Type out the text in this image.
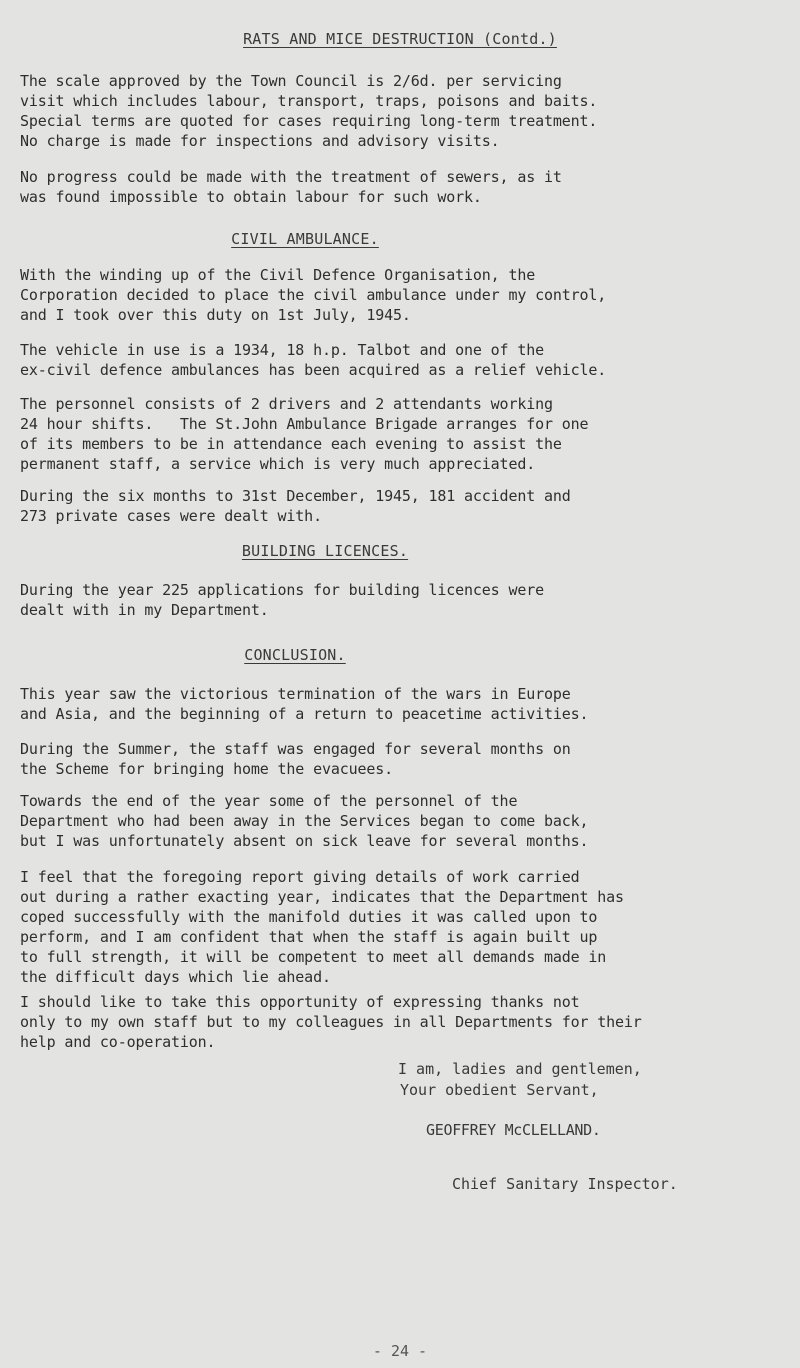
RATS AND MICE DESTRUCTION (Contd.)
The scale approved by the Town Council is 2/6d. per servicing
visit which includes labour, transport, traps, poisons and baits.
Special terms are quoted for cases requiring long-term treatment.
No charge is made for inspections and advisory visits.
No progress could be made with the treatment of sewers, as it
was found impossible to obtain labour for such work.
CIVIL AMBULANCE.
With the winding up of the Civil Defence Organisation, the
Corporation decided to place the civil ambulance under my control,
and I took over this duty on 1st July, 1945.
The vehicle in use is a 1934, 18 h.p. Talbot and one of the
ex-civil defence ambulances has been acquired as a relief vehicle.
The personnel consists of 2 drivers and 2 attendants working
24 hour shifts.   The St.John Ambulance Brigade arranges for one
of its members to be in attendance each evening to assist the
permanent staff, a service which is very much appreciated.
During the six months to 31st December, 1945, 181 accident and
273 private cases were dealt with.
BUILDING LICENCES.
During the year 225 applications for building licences were
dealt with in my Department.
CONCLUSION.
This year saw the victorious termination of the wars in Europe
and Asia, and the beginning of a return to peacetime activities.
During the Summer, the staff was engaged for several months on
the Scheme for bringing home the evacuees.
Towards the end of the year some of the personnel of the
Department who had been away in the Services began to come back,
but I was unfortunately absent on sick leave for several months.
I feel that the foregoing report giving details of work carried
out during a rather exacting year, indicates that the Department has
coped successfully with the manifold duties it was called upon to
perform, and I am confident that when the staff is again built up
to full strength, it will be competent to meet all demands made in
the difficult days which lie ahead.
I should like to take this opportunity of expressing thanks not
only to my own staff but to my colleagues in all Departments for their
help and co-operation.
I am, ladies and gentlemen,
Your obedient Servant,
GEOFFREY McCLELLAND.
Chief Sanitary Inspector.
- 24 -
